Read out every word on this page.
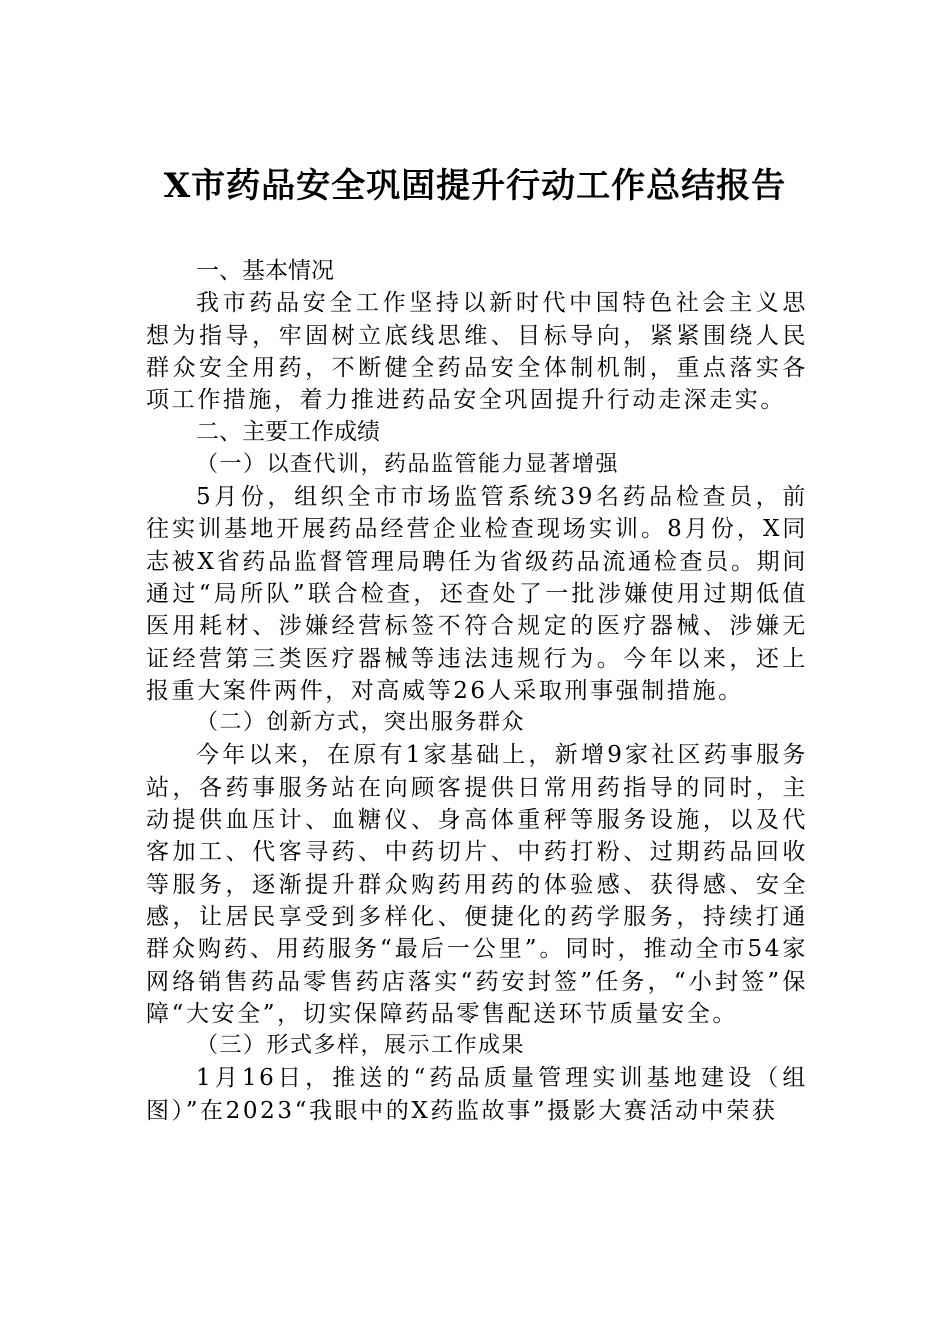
X市药品安全巩固提升行动工作总结报告
一、基本情况

我市药品安全工作坚持以新时代中国特色社会主义思想为指导，牢固树立底线思维、目标导向，紧紧围绕人民群众安全用药，不断健全药品安全体制机制，重点落实各项工作措施，着力推进药品安全巩固提升行动走深走实。

二、主要工作成绩
（一）以查代训，药品监管能力显著增强

5月份，组织全市市场监管系统39名药品检查员，前往实训基地开展药品经营企业检查现场实训。8月份，X同志被X省药品监督管理局聘任为省级药品流通检查员。期间通过“局所队”联合检查，还查处了一批涉嫌使用过期低值医用耗材、涉嫌经营标签不符合规定的医疗器械、涉嫌无证经营第三类医疗器械等违法违规行为。今年以来，还上报重大案件两件，对高威等26人采取刑事强制措施。

（二）创新方式，突出服务群众

今年以来，在原有1家基础上，新增9家社区药事服务站，各药事服务站在向顾客提供日常用药指导的同时，主动提供血压计、血糖仪、身高体重秤等服务设施，以及代客加工、代客寻药、中药切片、中药打粉、过期药品回收等服务，逐渐提升群众购药用药的体验感、获得感、安全感，让居民享受到多样化、便捷化的药学服务，持续打通群众购药、用药服务“最后一公里”。同时，推动全市54家网络销售药品零售药店落实“药安封签”任务，“小封签”保障“大安全”，切实保障药品零售配送环节质量安全。

（三）形式多样，展示工作成果

1月16日，推送的“药品质量管理实训基地建设（组图）”在2023“我眼中的X药监故事”摄影大赛活动中荣获
